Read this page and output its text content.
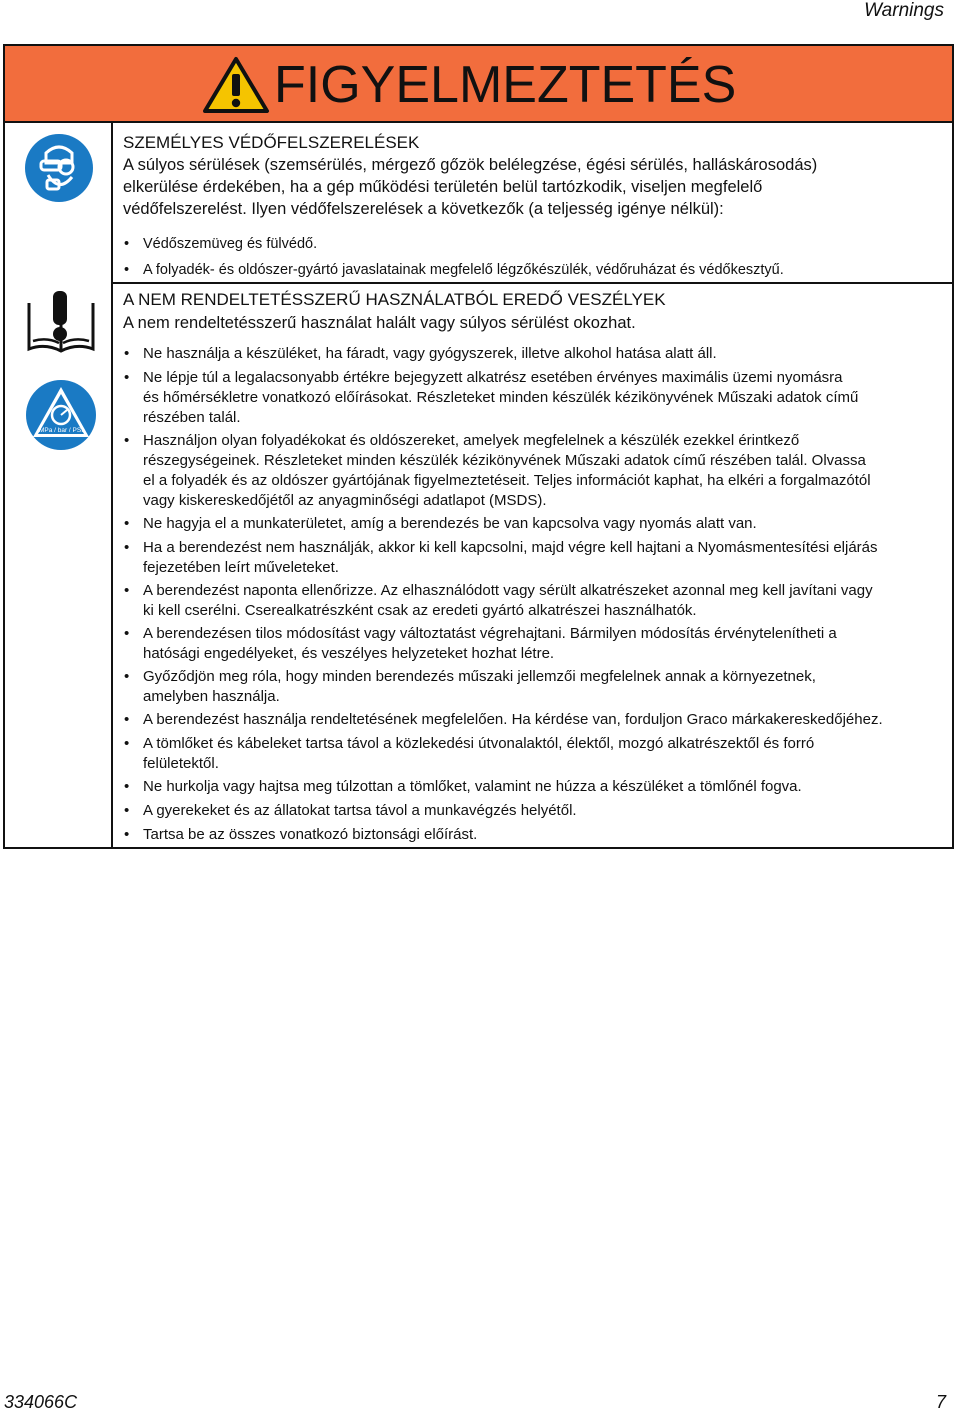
Warnings
FIGYELMEZTETÉS
MPa / bar / PSI
SZEMÉLYES VÉDŐFELSZERELÉSEK
A súlyos sérülések (szemsérülés, mérgező gőzök belélegzése, égési sérülés, halláskárosodás)
elkerülése érdekében, ha a gép működési területén belül tartózkodik, viseljen megfelelő
védőfelszerelést. Ilyen védőfelszerelések a következők (a teljesség igénye nélkül):
• Védőszemüveg és fülvédő.
• A folyadék- és oldószer-gyártó javaslatainak megfelelő légzőkészülék, védőruházat és védőkesztyű.
A NEM RENDELTETÉSSZERŰ HASZNÁLATBÓL EREDŐ VESZÉLYEK
A nem rendeltetésszerű használat halált vagy súlyos sérülést okozhat.
• Ne használja a készüléket, ha fáradt, vagy gyógyszerek, illetve alkohol hatása alatt áll.
• Ne lépje túl a legalacsonyabb értékre bejegyzett alkatrész esetében érvényes maximális üzemi nyomásra
és hőmérsékletre vonatkozó előírásokat. Részleteket minden készülék kézikönyvének Műszaki adatok című
részében talál.
• Használjon olyan folyadékokat és oldószereket, amelyek megfelelnek a készülék ezekkel érintkező
részegységeinek. Részleteket minden készülék kézikönyvének Műszaki adatok című részében talál. Olvassa
el a folyadék és az oldószer gyártójának figyelmeztetéseit. Teljes információt kaphat, ha elkéri a forgalmazótól
vagy kiskereskedőjétől az anyagminőségi adatlapot (MSDS).
• Ne hagyja el a munkaterületet, amíg a berendezés be van kapcsolva vagy nyomás alatt van.
• Ha a berendezést nem használják, akkor ki kell kapcsolni, majd végre kell hajtani a Nyomásmentesítési eljárás
fejezetében leírt műveleteket.
• A berendezést naponta ellenőrizze. Az elhasználódott vagy sérült alkatrészeket azonnal meg kell javítani vagy
ki kell cserélni. Cserealkatrészként csak az eredeti gyártó alkatrészei használhatók.
• A berendezésen tilos módosítást vagy változtatást végrehajtani. Bármilyen módosítás érvénytelenítheti a
hatósági engedélyeket, és veszélyes helyzeteket hozhat létre.
• Győződjön meg róla, hogy minden berendezés műszaki jellemzői megfelelnek annak a környezetnek,
amelyben használja.
• A berendezést használja rendeltetésének megfelelően. Ha kérdése van, forduljon Graco márkakereskedőjéhez.
• A tömlőket és kábeleket tartsa távol a közlekedési útvonalaktól, élektől, mozgó alkatrészektől és forró
felületektől.
• Ne hurkolja vagy hajtsa meg túlzottan a tömlőket, valamint ne húzza a készüléket a tömlőnél fogva.
• A gyerekeket és az állatokat tartsa távol a munkavégzés helyétől.
• Tartsa be az összes vonatkozó biztonsági előírást.
334066C	7
